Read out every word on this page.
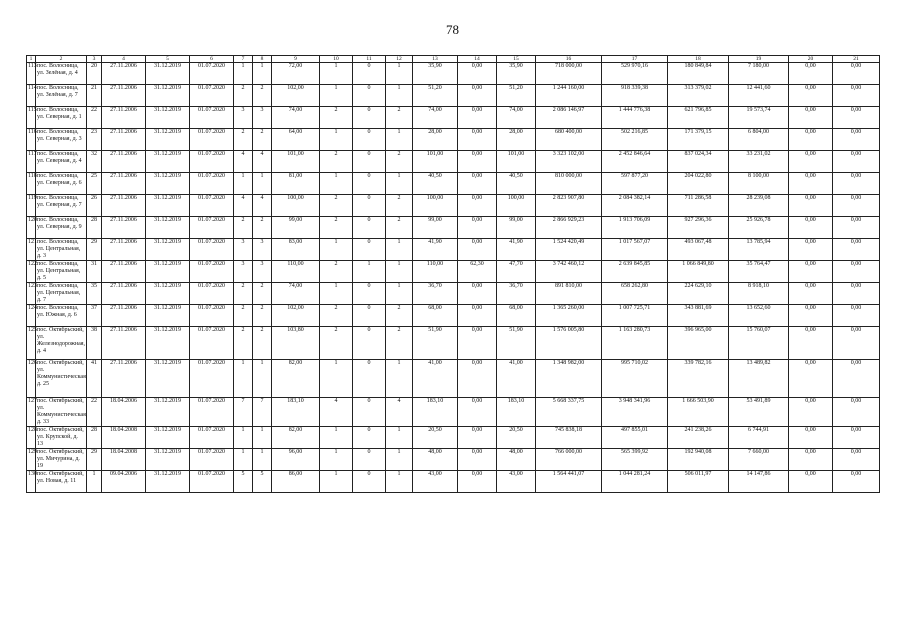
78
1	2	3	4	5	6	7	8	9	10	11	12	13	14	15	16	17	18	19	20	21
113	пос. Волосница, ул. Зелёная, д. 4	20	27.11.2006	31.12.2019	01.07.2020	1	1	72,00	1	0	1	35,90	0,00	35,90	718 000,00	529 970,16	180 849,84	7 180,00	0,00	0,00
114	пос. Волосница, ул. Зелёная, д. 7	21	27.11.2006	31.12.2019	01.07.2020	2	2	102,00	1	0	1	51,20	0,00	51,20	1 244 160,00	918 339,38	313 379,02	12 441,60	0,00	0,00
115	пос. Волосница, ул. Северная, д. 1	22	27.11.2006	31.12.2019	01.07.2020	3	3	74,00	2	0	2	74,00	0,00	74,00	2 086 146,97	1 444 776,38	621 796,85	19 573,74	0,00	0,00
116	пос. Волосница, ул. Северная, д. 3	23	27.11.2006	31.12.2019	01.07.2020	2	2	64,00	1	0	1	28,00	0,00	28,00	680 400,00	502 216,85	171 379,15	6 804,00	0,00	0,00
117	пос. Волосница, ул. Северная, д. 4	32	27.11.2006	31.12.2019	01.07.2020	4	4	101,00	2	0	2	101,00	0,00	101,00	3 323 102,00	2 452 846,64	837 024,34	33 231,02	0,00	0,00
118	пос. Волосница, ул. Северная, д. 6	25	27.11.2006	31.12.2019	01.07.2020	1	1	81,00	1	0	1	40,50	0,00	40,50	810 000,00	597 877,20	204 022,80	8 100,00	0,00	0,00
119	пос. Волосница, ул. Северная, д. 7	26	27.11.2006	31.12.2019	01.07.2020	4	4	100,00	2	0	2	100,00	0,00	100,00	2 823 907,80	2 084 382,14	711 286,58	28 239,08	0,00	0,00
120	пос. Волосница, ул. Северная, д. 9	28	27.11.2006	31.12.2019	01.07.2020	2	2	99,00	2	0	2	99,00	0,00	99,00	2 866 929,23	1 913 706,09	927 296,36	25 926,78	0,00	0,00
121	пос. Волосница, ул. Центральная, д. 3	29	27.11.2006	31.12.2019	01.07.2020	3	3	83,00	1	0	1	41,90	0,00	41,90	1 524 420,49	1 017 567,07	493 067,48	13 785,94	0,00	0,00
122	пос. Волосница, ул. Центральная, д. 5	31	27.11.2006	31.12.2019	01.07.2020	3	3	110,00	2	1	1	110,00	62,30	47,70	3 742 460,12	2 639 845,85	1 066 849,80	35 764,47	0,00	0,00
123	пос. Волосница, ул. Центральная, д. 7	35	27.11.2006	31.12.2019	01.07.2020	2	2	74,00	1	0	1	36,70	0,00	36,70	891 810,00	658 262,80	224 629,10	8 918,10	0,00	0,00
124	пос. Волосница, ул. Южная, д. 6	37	27.11.2006	31.12.2019	01.07.2020	2	2	102,00	2	0	2	68,00	0,00	68,00	1 365 260,00	1 007 725,71	343 881,69	13 652,60	0,00	0,00
125	пос. Октябрьский, ул. Железнодорожная, д. 4	38	27.11.2006	31.12.2019	01.07.2020	2	2	103,80	2	0	2	51,90	0,00	51,90	1 576 005,80	1 163 280,73	396 965,00	15 760,07	0,00	0,00
126	пос. Октябрьский, ул. Коммунистическая, д. 25	41	27.11.2006	31.12.2019	01.07.2020	1	1	82,00	1	0	1	41,00	0,00	41,00	1 348 982,00	995 710,02	339 782,16	13 489,82	0,00	0,00
127	пос. Октябрьский, ул. Коммунистическая, д. 33	22	18.04.2006	31.12.2019	01.07.2020	7	7	183,10	4	0	4	183,10	0,00	183,10	5 668 337,75	3 948 341,96	1 666 503,90	53 491,89	0,00	0,00
128	пос. Октябрьский, ул. Крупской, д. 13	28	18.04.2008	31.12.2019	01.07.2020	1	1	82,00	1	0	1	20,50	0,00	20,50	745 838,18	497 855,01	241 238,26	6 744,91	0,00	0,00
129	пос. Октябрьский, ул. Мичурина, д. 19	29	18.04.2008	31.12.2019	01.07.2020	1	1	96,00	1	0	1	48,00	0,00	48,00	766 000,00	565 399,92	192 940,08	7 660,00	0,00	0,00
130	пос. Октябрьский, ул. Новая, д. 11	1	09.04.2006	31.12.2019	01.07.2020	5	5	86,00	1	0	1	43,00	0,00	43,00	1 564 441,07	1 044 281,24	506 011,97	14 147,86	0,00	0,00
